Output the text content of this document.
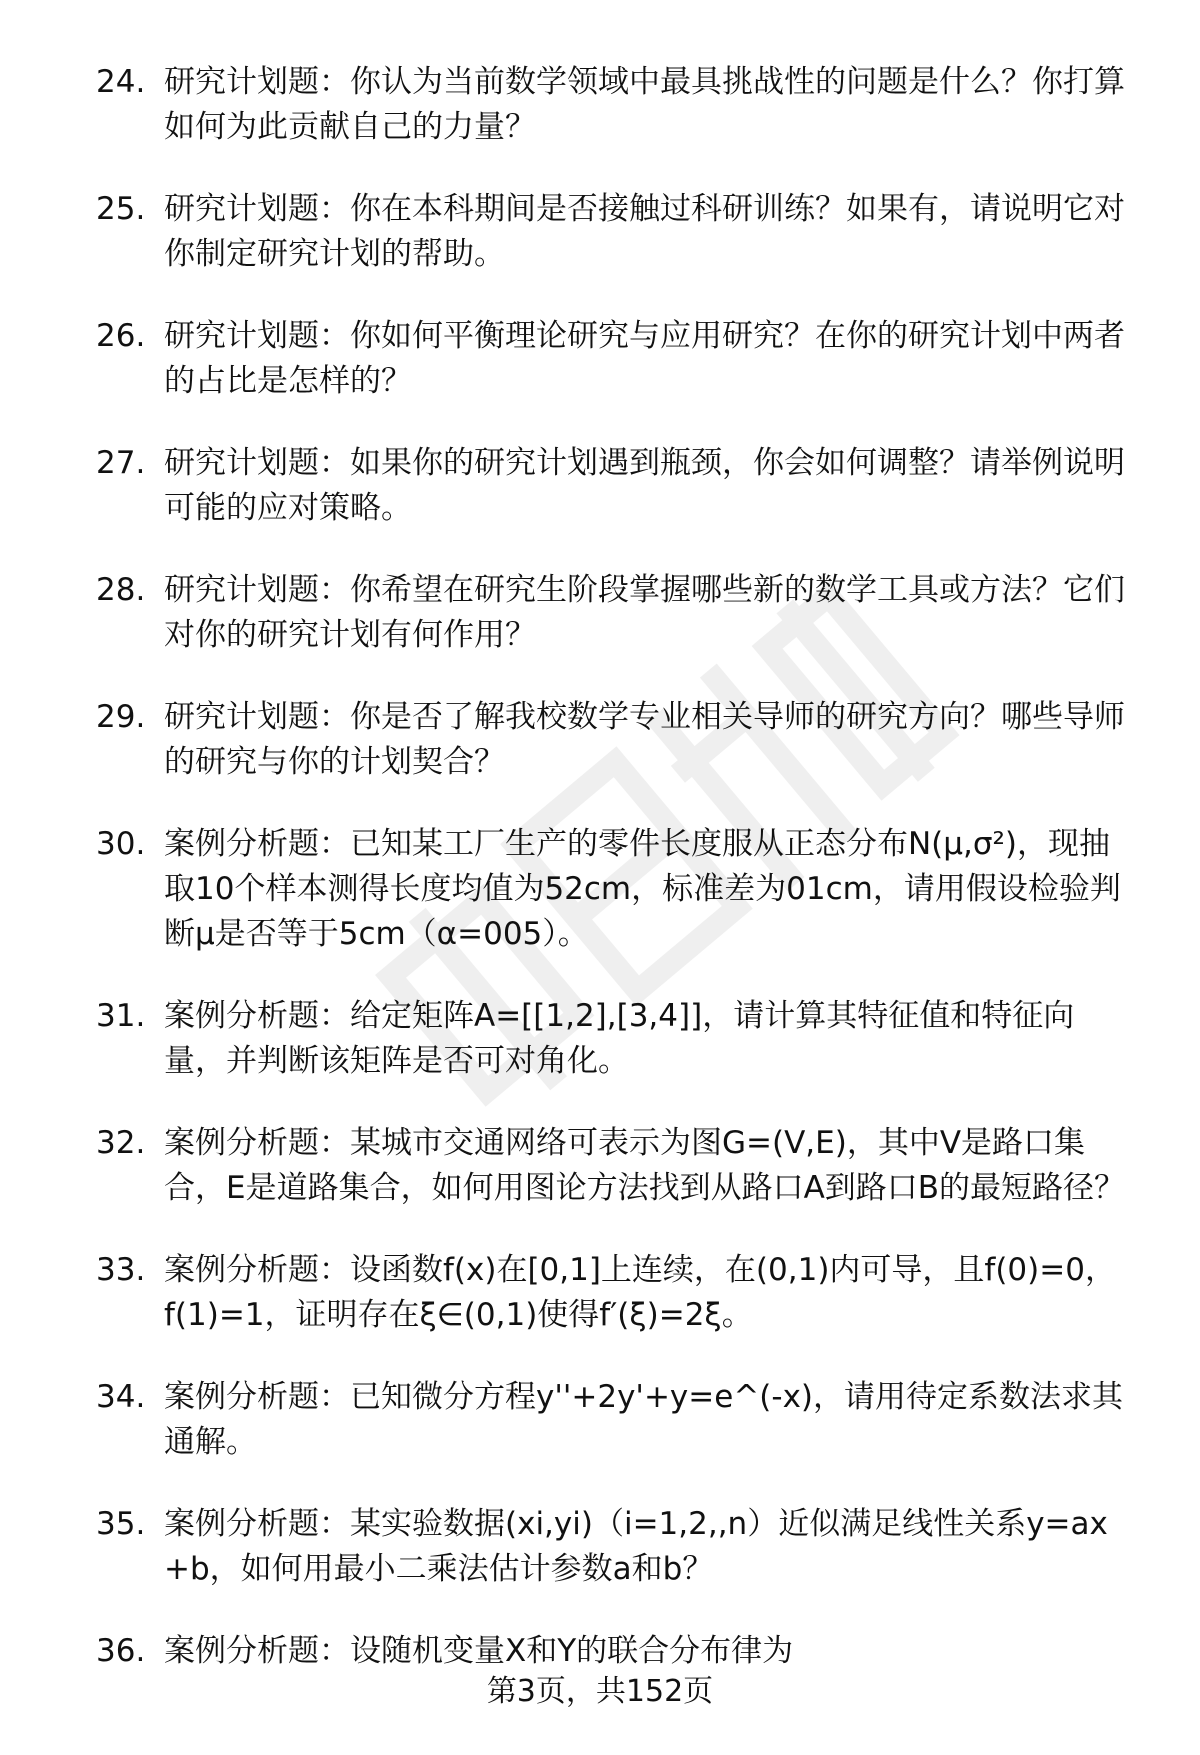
24. 研究计划题：你认为当前数学领域中最具挑战性的问题是什么？你打算如何为此贡献自己的力量？
25. 研究计划题：你在本科期间是否接触过科研训练？如果有，请说明它对你制定研究计划的帮助。
26. 研究计划题：你如何平衡理论研究与应用研究？在你的研究计划中两者的占比是怎样的？
27. 研究计划题：如果你的研究计划遇到瓶颈，你会如何调整？请举例说明可能的应对策略。
28. 研究计划题：你希望在研究生阶段掌握哪些新的数学工具或方法？它们对你的研究计划有何作用？
29. 研究计划题：你是否了解我校数学专业相关导师的研究方向？哪些导师的研究与你的计划契合？
30. 案例分析题：已知某工厂生产的零件长度服从正态分布N(μ,σ²)，现抽取10个样本测得长度均值为52cm，标准差为01cm，请用假设检验判断μ是否等于5cm（α=005）。
31. 案例分析题：给定矩阵A=[[1,2],[3,4]]，请计算其特征值和特征向量，并判断该矩阵是否可对角化。
32. 案例分析题：某城市交通网络可表示为图G=(V,E)，其中V是路口集合，E是道路集合，如何用图论方法找到从路口A到路口B的最短路径？
33. 案例分析题：设函数f(x)在[0,1]上连续，在(0,1)内可导，且f(0)=0，f(1)=1，证明存在ξ∈(0,1)使得f′(ξ)=2ξ。
34. 案例分析题：已知微分方程y''+2y'+y=e^(-x)，请用待定系数法求其通解。
35. 案例分析题：某实验数据(xi,yi)（i=1,2,,n）近似满足线性关系y=ax+b，如何用最小二乘法估计参数a和b？
36. 案例分析题：设随机变量X和Y的联合分布律为
第3页，共152页
